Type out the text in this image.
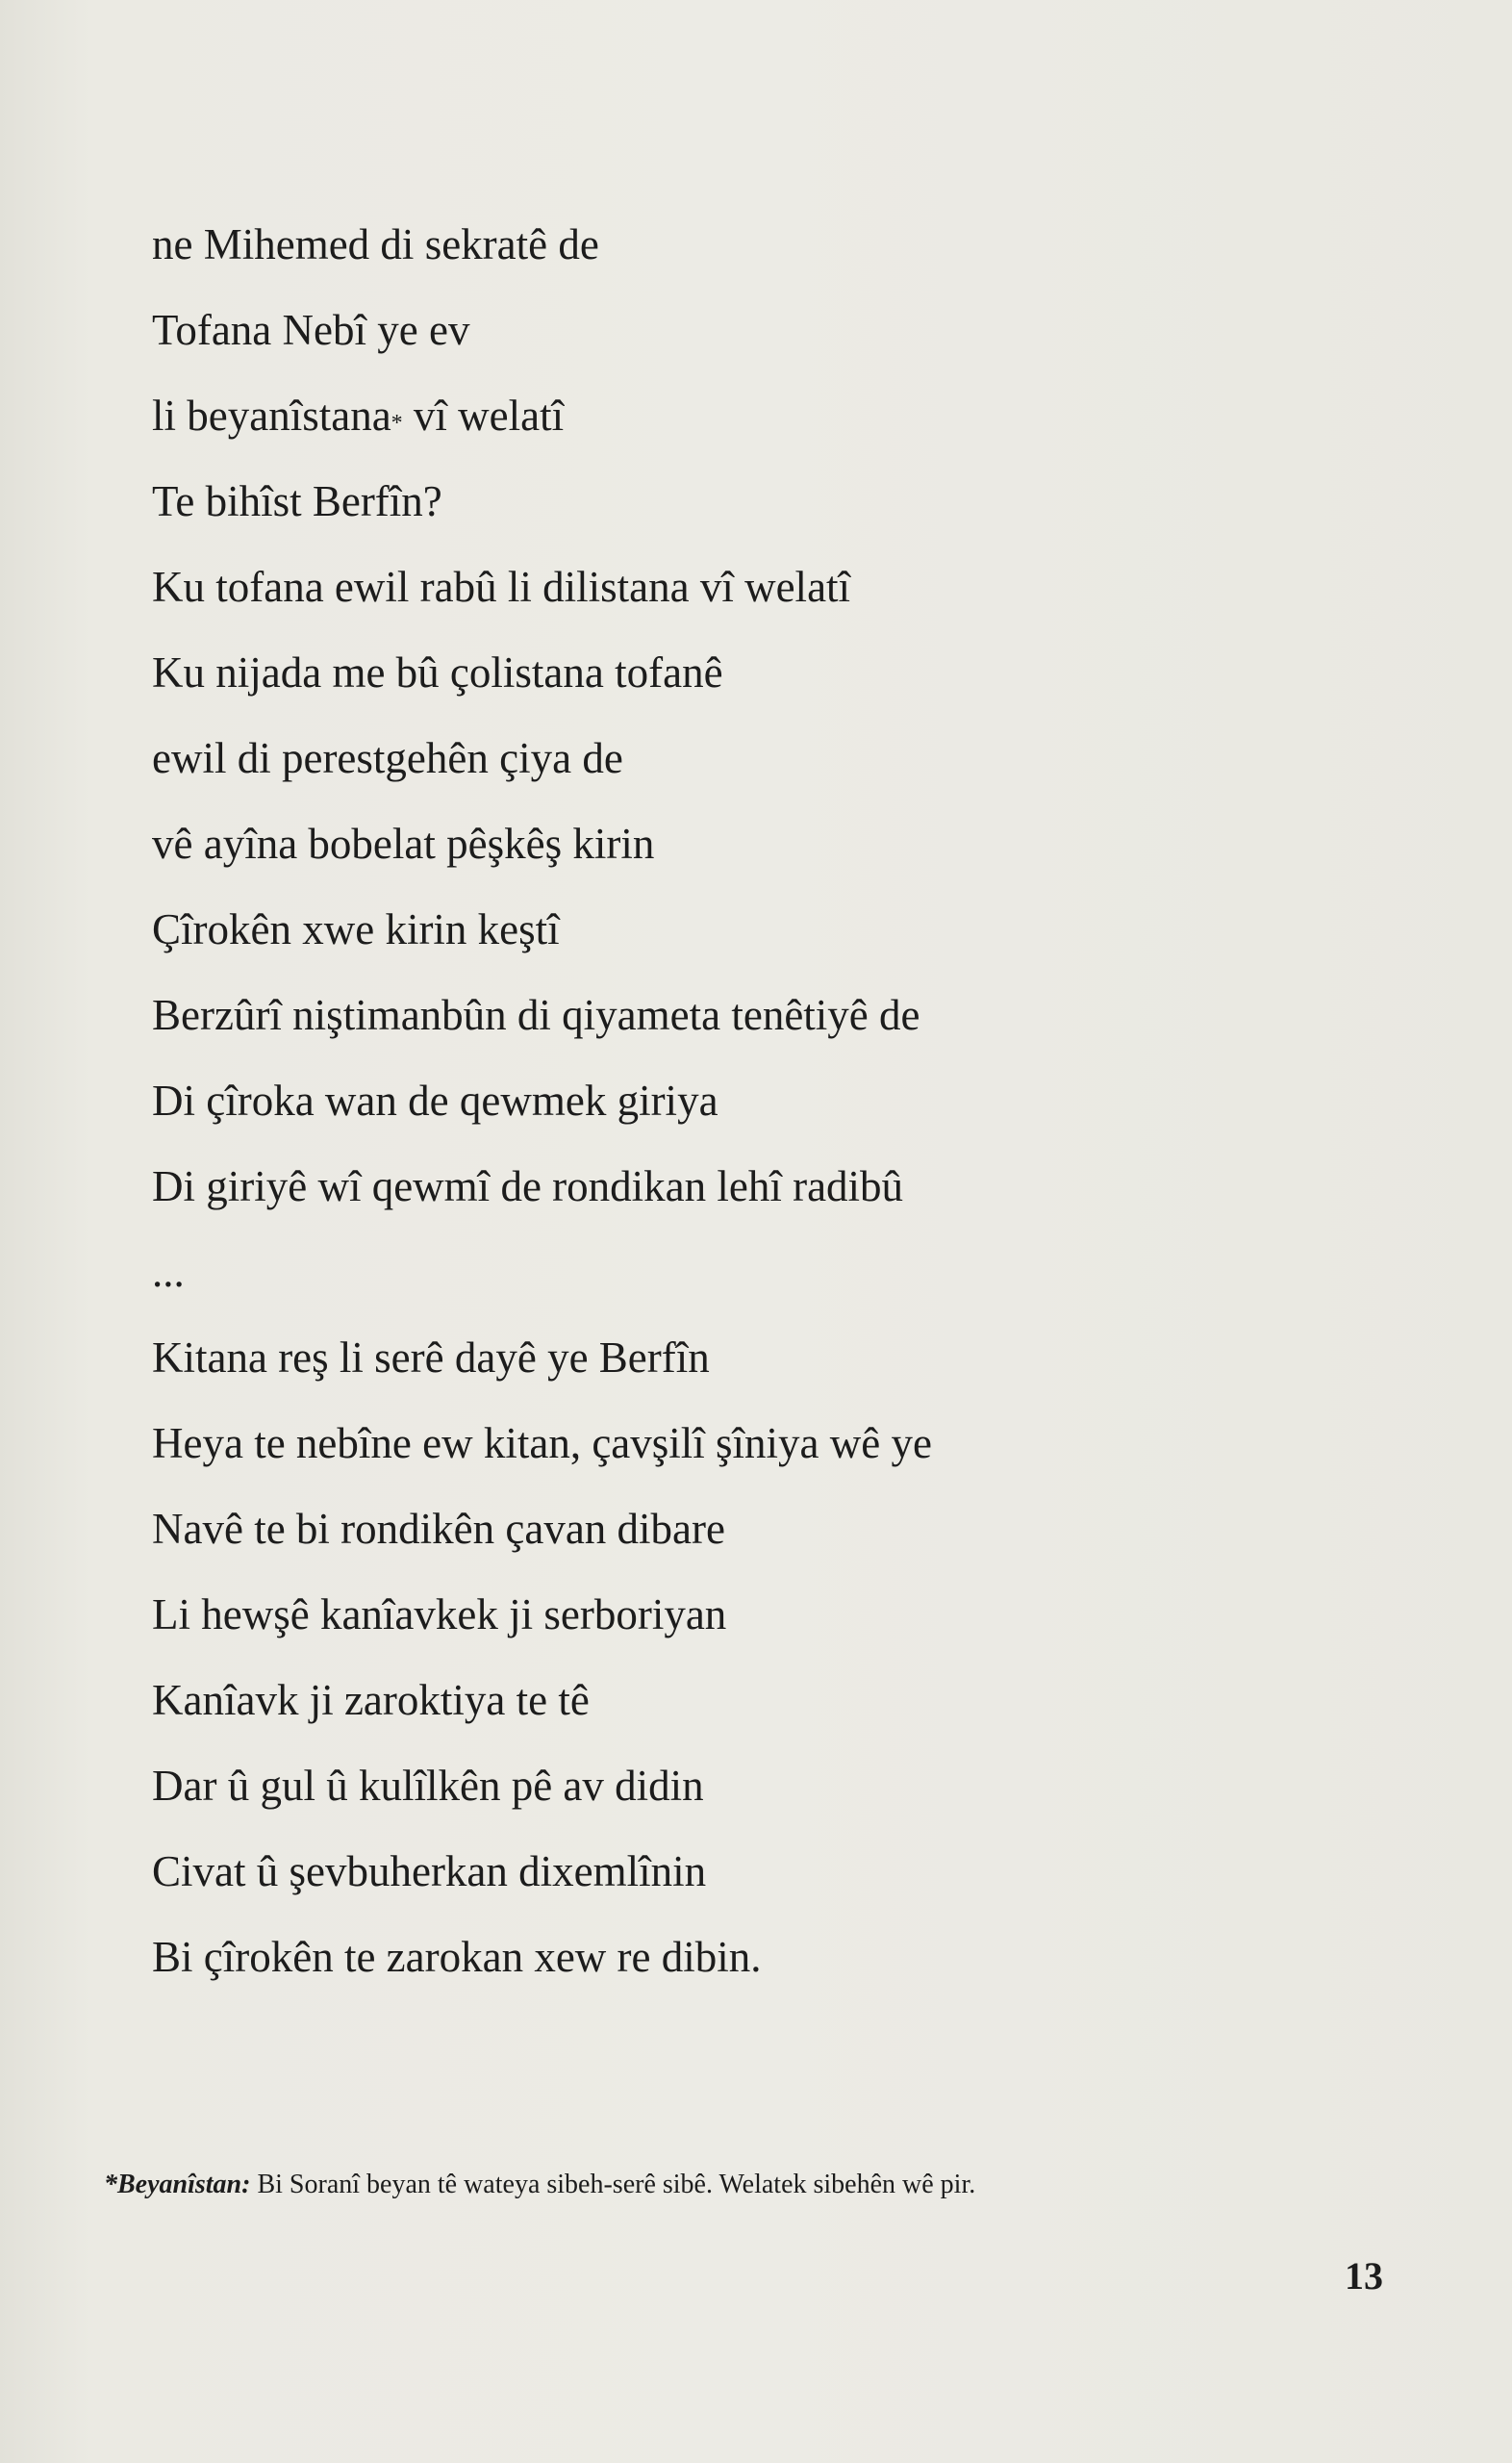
ne Mihemed di sekratê de
Tofana Nebî ye ev
li beyanîstana* vî welatî
Te bihîst Berfîn?
Ku tofana ewil rabû li dilistana vî welatî
Ku nijada me bû çolistana tofanê
ewil di perestgehên çiya de
vê ayîna bobelat pêşkêş kirin
Çîrokên xwe kirin keştî
Berzûrî niştimanbûn di qiyameta tenêtiyê de
Di çîroka wan de qewmek giriya
Di giriyê wî qewmî de rondikan lehî radibû
...
Kitana reş li serê dayê ye Berfîn
Heya te nebîne ew kitan, çavşilî şîniya wê ye
Navê te bi rondikên çavan dibare
Li hewşê kanîavkek ji serboriyan
Kanîavk ji zaroktiya te tê
Dar û gul û kulîlkên pê av didin
Civat û şevbuherkan dixemlînin
Bi çîrokên te zarokan xew re dibin.
*Beyanîstan: Bi Soranî beyan tê wateya sibeh-serê sibê. Welatek sibehên wê pir.
13
